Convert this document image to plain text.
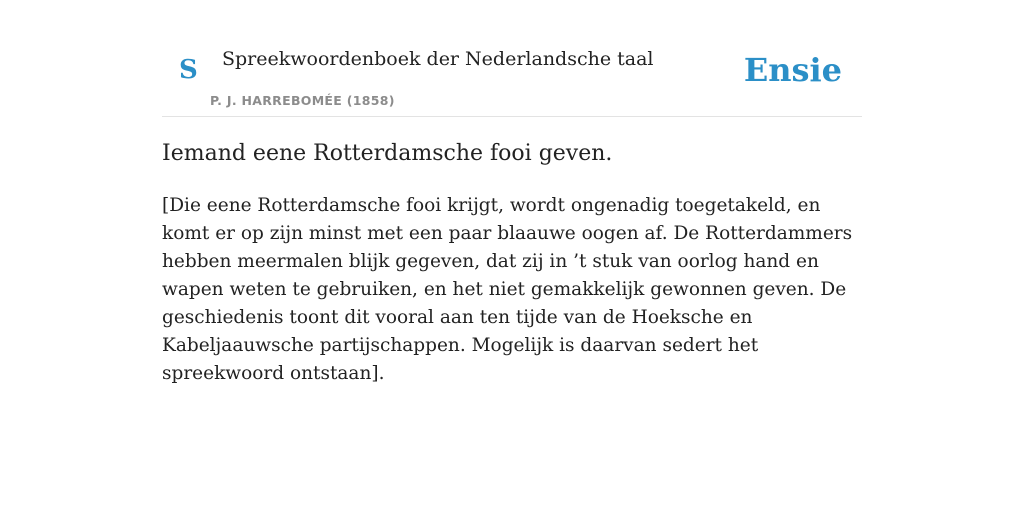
S Spreekwoordenboek der Nederlandsche taal
P. J. HARREBOMÉE (1858)
Ensie
Iemand eene Rotterdamsche fooi geven.

[Die eene Rotterdamsche fooi krijgt, wordt ongenadig toegetakeld, en komt er op zijn minst met een paar blaauwe oogen af. De Rotterdammers hebben meermalen blijk gegeven, dat zij in ’t stuk van oorlog hand en wapen weten te gebruiken, en het niet gemakkelijk gewonnen geven. De geschiedenis toont dit vooral aan ten tijde van de Hoeksche en Kabeljaauwsche partijschappen. Mogelijk is daarvan sedert het spreekwoord ontstaan].
